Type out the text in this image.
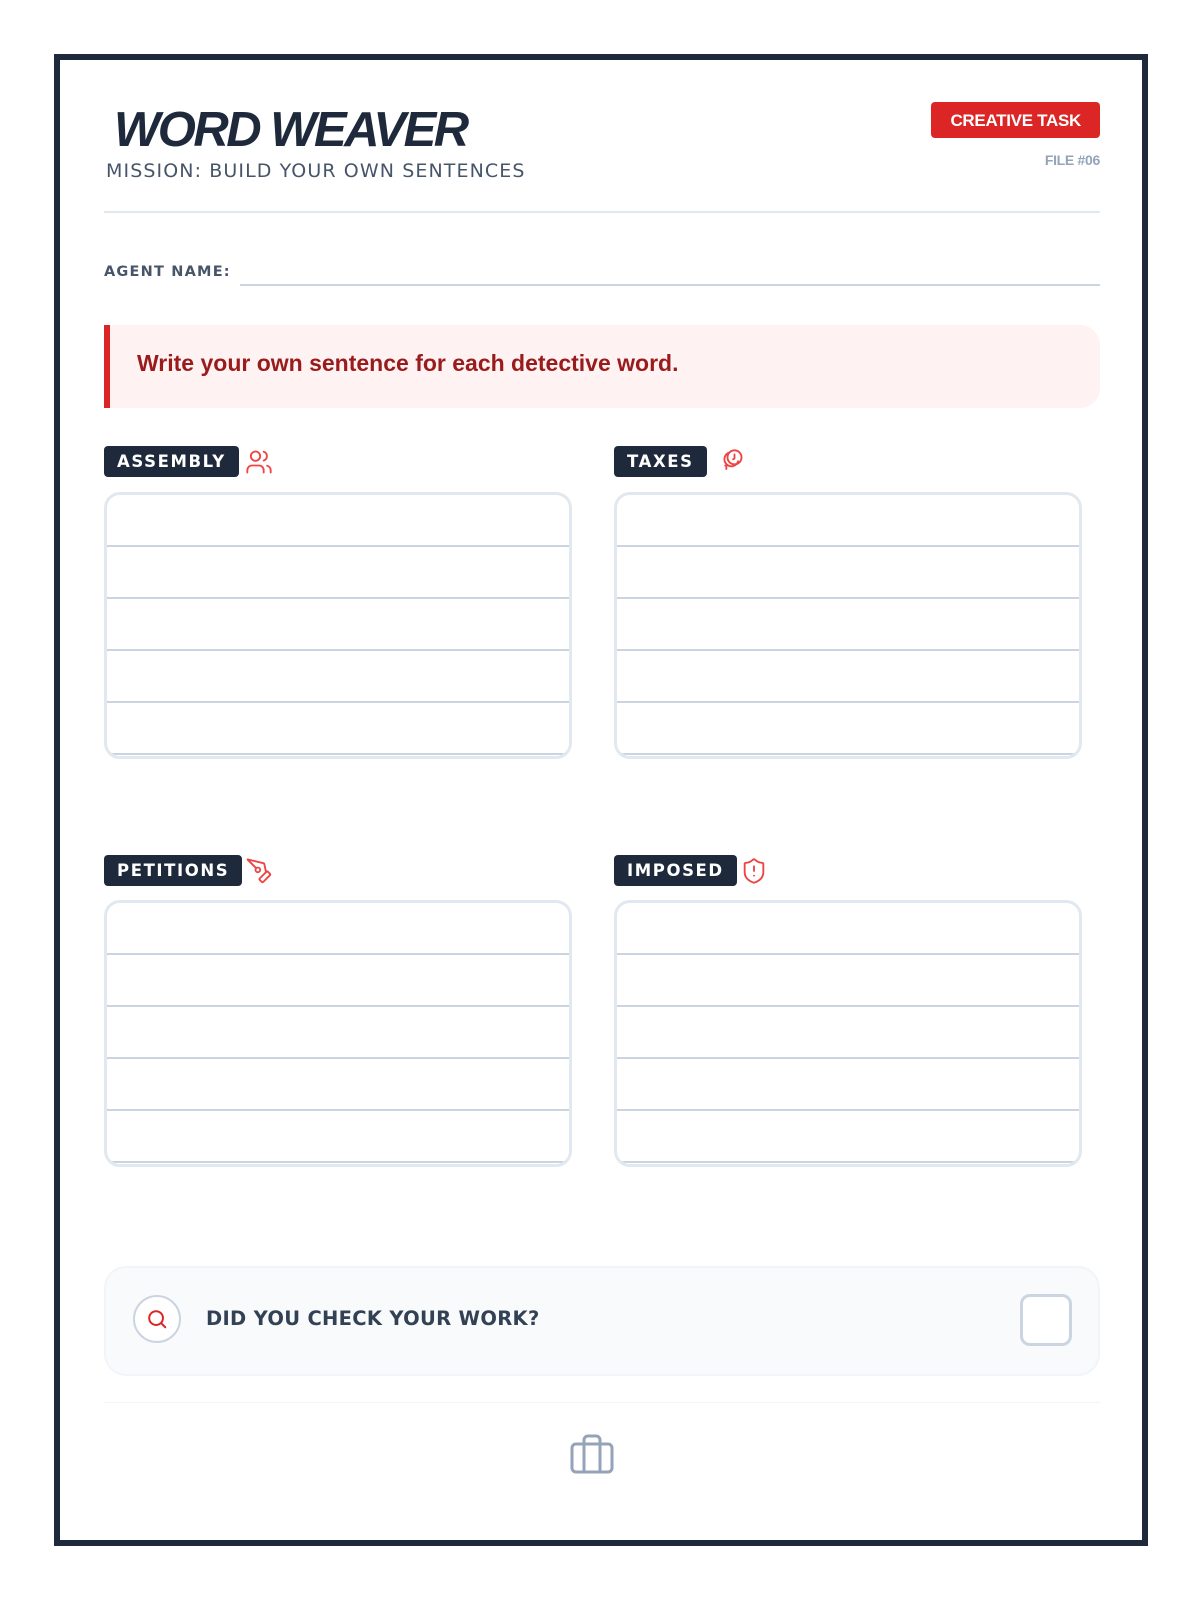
WORD WEAVER
MISSION: BUILD YOUR OWN SENTENCES
CREATIVE TASK
FILE #06
AGENT NAME:
Write your own sentence for each detective word.
ASSEMBLY	TAXES
PETITIONS	IMPOSED
DID YOU CHECK YOUR WORK?
